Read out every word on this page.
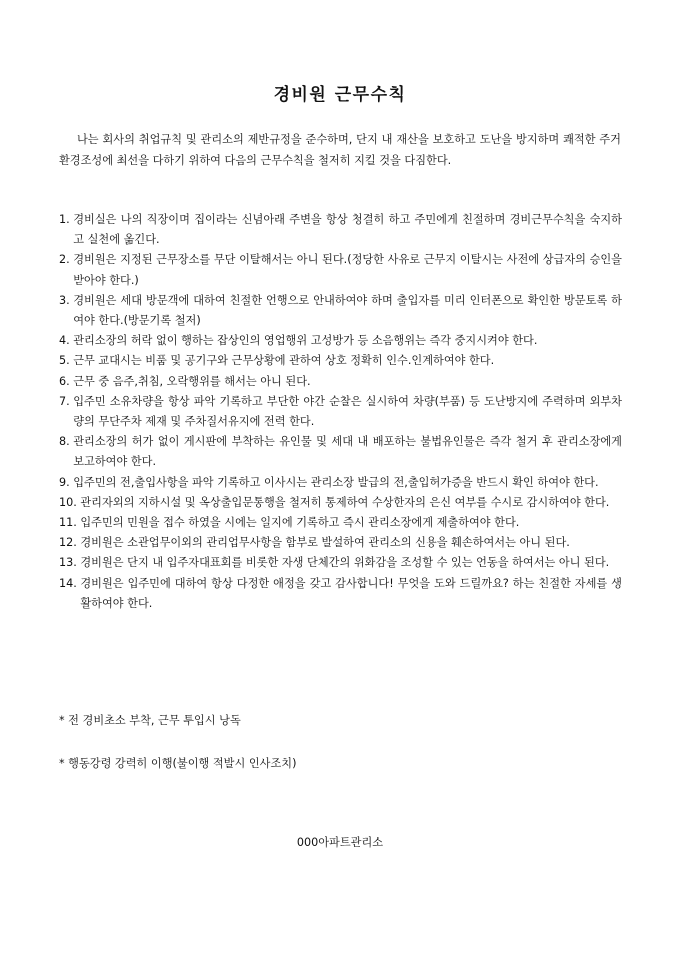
경비원 근무수칙
나는 회사의 취업규칙 및 관리소의 제반규정을 준수하며, 단지 내 재산을 보호하고 도난을 방지하며 쾌적한 주거환경조성에 최선을 다하기 위하여 다음의 근무수칙을 철저히 지킬 것을 다짐한다.
1. 경비실은 나의 직장이며 집이라는 신념아래 주변을 항상 청결히 하고 주민에게 친절하며 경비근무수칙을 숙지하고 실천에 옮긴다.
2. 경비원은 지정된 근무장소를 무단 이탈해서는 아니 된다.(정당한 사유로 근무지 이탈시는 사전에 상급자의 승인을 받아야 한다.)
3. 경비원은 세대 방문객에 대하여 친절한 언행으로 안내하여야 하며 출입자를 미리 인터폰으로 확인한 방문토록 하여야 한다.(방문기록 철저)
4. 관리소장의 허락 없이 행하는 잡상인의 영업행위 고성방가 등 소음행위는 즉각 중지시켜야 한다.
5. 근무 교대시는 비품 및 공기구와 근무상황에 관하여 상호 정확히 인수.인계하여야 한다.
6. 근무 중 음주,취침, 오락행위를 해서는 아니 된다.
7. 입주민 소유차량을 항상 파악 기록하고 부단한 야간 순찰은 실시하여 차량(부품) 등 도난방지에 주력하며 외부차량의 무단주차 제재 및 주차질서유지에 전력 한다.
8. 관리소장의 허가 없이 게시판에 부착하는 유인물 및 세대 내 배포하는 불법유인물은 즉각 철거 후 관리소장에게 보고하여야 한다.
9. 입주민의 전,출입사항을 파악 기록하고 이사시는 관리소장 발급의 전,출입허가증을 반드시 확인 하여야 한다.
10. 관리자외의 지하시설 및 옥상출입문통행을 철저히 통제하여 수상한자의 은신 여부를 수시로 감시하여야 한다.
11. 입주민의 민원을 접수 하였을 시에는 일지에 기록하고 즉시 관리소장에게 제출하여야 한다.
12. 경비원은 소관업무이외의 관리업무사항을 함부로 발설하여 관리소의 신용을 훼손하여서는 아니 된다.
13. 경비원은 단지 내 입주자대표회를 비롯한 자생 단체간의 위화감을 조성할 수 있는 언동을 하여서는 아니 된다.
14. 경비원은 입주민에 대하여 항상 다정한 애정을 갖고 감사합니다! 무엇을 도와 드릴까요? 하는 친절한 자세를 생활하여야 한다.
* 전 경비초소 부착, 근무 투입시 낭독
* 행동강령 강력히 이행(불이행 적발시 인사조치)
000아파트관리소
